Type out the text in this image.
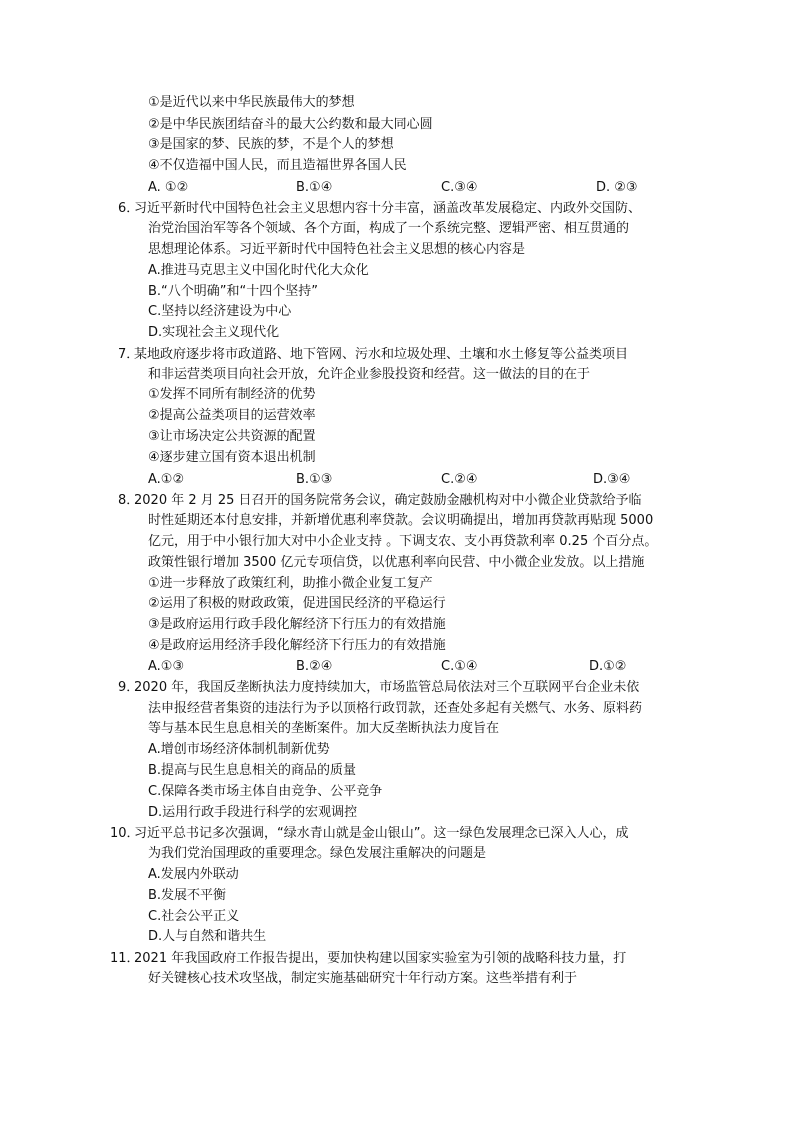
①是近代以来中华民族最伟大的梦想
②是中华民族团结奋斗的最大公约数和最大同心圆
③是国家的梦、民族的梦，不是个人的梦想
④不仅造福中国人民，而且造福世界各国人民
A. ①②	B.①④	C.③④	D. ②③
6．
习近平新时代中国特色社会主义思想内容十分丰富，涵盖改革发展稳定、内政外交国防、
治党治国治军等各个领域、各个方面，构成了一个系统完整、逻辑严密、相互贯通的
思想理论体系。习近平新时代中国特色社会主义思想的核心内容是
A.推进马克思主义中国化时代化大众化
B.“八个明确”和“十四个坚持”
C.坚持以经济建设为中心
D.实现社会主义现代化
7．
某地政府逐步将市政道路、地下管网、污水和垃圾处理、土壤和水土修复等公益类项目
和非运营类项目向社会开放，允许企业参股投资和经营。这一做法的目的在于
①发挥不同所有制经济的优势
②提高公益类项目的运营效率
③让市场决定公共资源的配置
④逐步建立国有资本退出机制
A.①②	B.①③	C.②④	D.③④
8．
2020 年 2 月 25 日召开的国务院常务会议，确定鼓励金融机构对中小微企业贷款给予临
时性延期还本付息安排，并新增优惠利率贷款。会议明确提出，增加再贷款再贴现 5000
亿元，用于中小银行加大对中小企业支持 。下调支农、支小再贷款利率 0.25 个百分点。
政策性银行增加 3500 亿元专项信贷，以优惠利率向民营、中小微企业发放。以上措施
①进一步释放了政策红利，助推小微企业复工复产
②运用了积极的财政政策，促进国民经济的平稳运行
③是政府运用行政手段化解经济下行压力的有效措施
④是政府运用经济手段化解经济下行压力的有效措施
A.①③	B.②④	C.①④	D.①②
9．
2020 年，我国反垄断执法力度持续加大，市场监管总局依法对三个互联网平台企业未依
法申报经营者集资的违法行为予以顶格行政罚款，还查处多起有关燃气、水务、原料药
等与基本民生息息相关的垄断案件。加大反垄断执法力度旨在
A.增创市场经济体制机制新优势
B.提高与民生息息相关的商品的质量
C.保障各类市场主体自由竞争、公平竞争
D.运用行政手段进行科学的宏观调控
10．
习近平总书记多次强调，“绿水青山就是金山银山”。这一绿色发展理念已深入人心，成
为我们党治国理政的重要理念。绿色发展注重解决的问题是
A.发展内外联动
B.发展不平衡
C.社会公平正义
D.人与自然和谐共生
11．
2021 年我国政府工作报告提出，要加快构建以国家实验室为引领的战略科技力量，打
好关键核心技术攻坚战，制定实施基础研究十年行动方案。这些举措有利于
